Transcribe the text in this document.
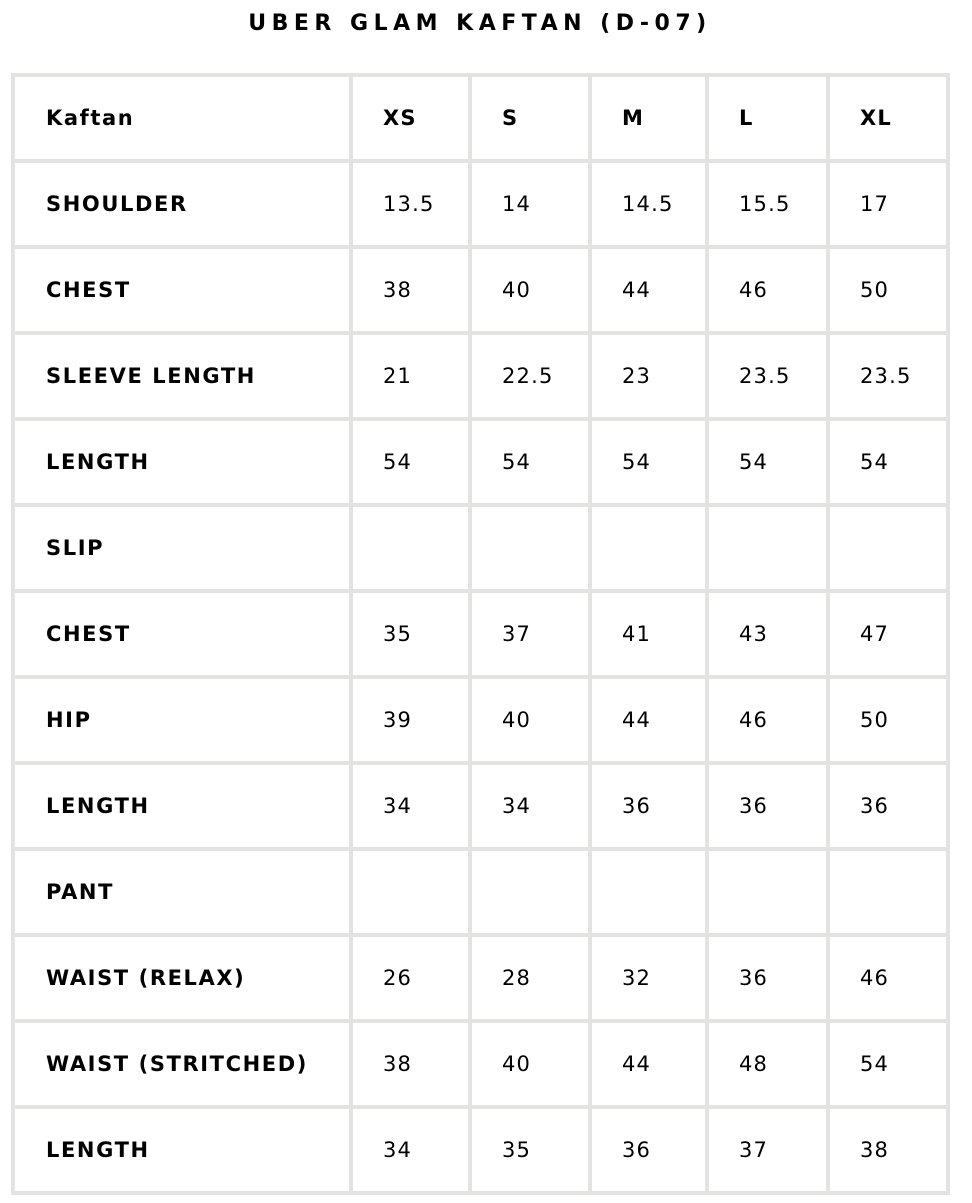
UBER GLAM KAFTAN (D-07)
Kaftan	XS	S	M	L	XL
SHOULDER	13.5	14	14.5	15.5	17
CHEST	38	40	44	46	50
SLEEVE LENGTH	21	22.5	23	23.5	23.5
LENGTH	54	54	54	54	54
SLIP					
CHEST	35	37	41	43	47
HIP	39	40	44	46	50
LENGTH	34	34	36	36	36
PANT					
WAIST (RELAX)	26	28	32	36	46
WAIST (STRITCHED)	38	40	44	48	54
LENGTH	34	35	36	37	38
